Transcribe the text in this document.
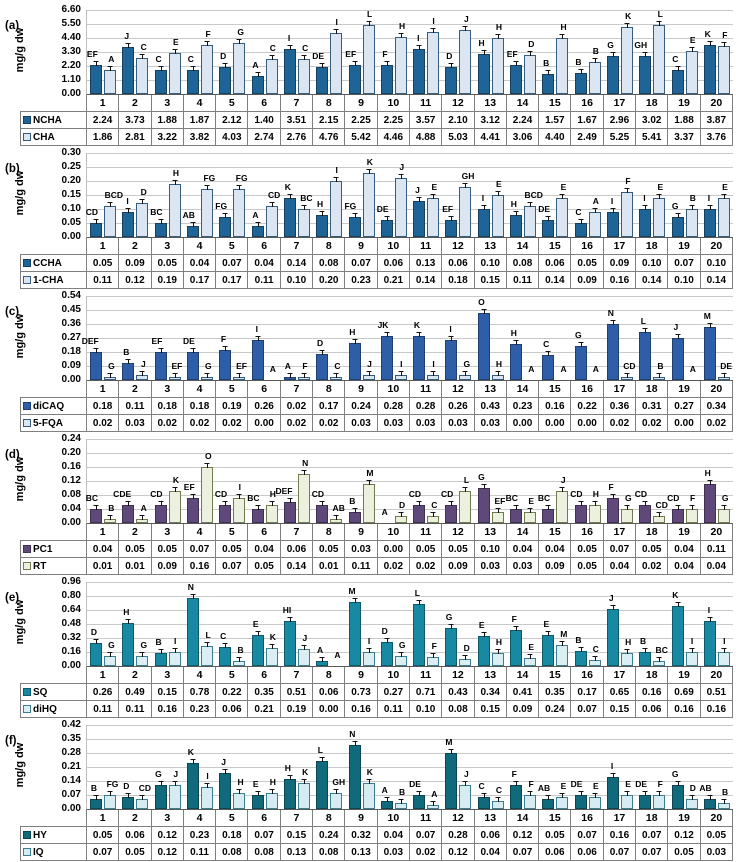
(a)
mg/g dw
6.60
5.50
4.40
3.30
2.20
1.10
0.00
EF A
J
C
C
E
C
F
D
G
A
C
I
C
DE
I
EF
L
F
H
I
I
D
J
H
H
EF
D
B
H
B
B
G
K
GH
L
C
E
K F
1	2	3	4	5	6	7	8	9	10	11	12	13	14	15	16	17	18	19	20
NCHA	2.24	3.73	1.88	1.87	2.12	1.40	3.51	2.15	2.25	2.25	3.57	2.10	3.12	2.24	1.57	1.67	2.96	3.02	1.88	3.87
CHA	1.86	2.81	3.22	3.82	4.03	2.74	2.76	4.76	5.42	4.46	4.88	5.03	4.41	3.06	4.40	2.49	5.25	5.41	3.37	3.76
(b)
mg/g dw
0.30
0.25
0.20
0.15
0.10
0.05
0.00
CD
BCD
I
D
BC
H
AB
FG
FG
FG
A
CD
K
BC
H
I
FG
K
DE
J
J E
EF
GH
I
E
H
BCD
DE
E
C
A I
F
I
E
G
B I
E
1	2	3	4	5	6	7	8	9	10	11	12	13	14	15	16	17	18	19	20
CCHA	0.05	0.09	0.05	0.04	0.07	0.04	0.14	0.08	0.07	0.06	0.13	0.06	0.10	0.08	0.06	0.05	0.09	0.10	0.07	0.10
1-CHA	0.11	0.12	0.19	0.17	0.17	0.11	0.10	0.20	0.23	0.21	0.14	0.18	0.15	0.11	0.14	0.09	0.16	0.14	0.10	0.14
(c)
mg/g dw
0.54
0.45
0.36
0.27
0.18
0.09
0.00
DEF
G
B
J
EF
EF
DE
G
F
EF
I
A A F
D
C
H
J
JK
I
K
I
I
G
O
H
H
A
C
A
G
A
N
CD
L
B
J
A
M
DE
1	2	3	4	5	6	7	8	9	10	11	12	13	14	15	16	17	18	19	20
diCAQ	0.18	0.11	0.18	0.18	0.19	0.26	0.02	0.17	0.24	0.28	0.28	0.26	0.43	0.23	0.16	0.22	0.36	0.31	0.27	0.34
5-FQA	0.02	0.03	0.02	0.02	0.02	0.00	0.02	0.02	0.03	0.03	0.03	0.03	0.03	0.00	0.00	0.00	0.02	0.02	0.00	0.02
(d)
mg/g dw
0.24
0.20
0.16
0.12
0.08
0.04
0.00
BC
B
CDE
A
CD
K
EF
O
CD
I
BC H DEF
N
CD
AB
B
M
A
D
CD
C
CD
L G
EF BC E BC
J
CD H
F
G CD
CD
CD F
H
G
1	2	3	4	5	6	7	8	9	10	11	12	13	14	15	16	17	18	19	20
PC1	0.04	0.05	0.05	0.07	0.05	0.04	0.06	0.05	0.03	0.00	0.05	0.05	0.10	0.04	0.04	0.05	0.07	0.05	0.04	0.11
RT	0.01	0.01	0.09	0.16	0.07	0.05	0.14	0.01	0.11	0.02	0.02	0.09	0.03	0.03	0.09	0.05	0.04	0.02	0.04	0.04
(e)
mg/g dw
0.96
0.80
0.64
0.48
0.32
0.16
0.00
D
G
H
G B I
N
L C
B
E
K
HI
J
A A
M
I
D
G
L
F
G
D
E
H
F
E
E
M
B
C
J
H B
BC
K
I
I
I
1	2	3	4	5	6	7	8	9	10	11	12	13	14	15	16	17	18	19	20
SQ	0.26	0.49	0.15	0.78	0.22	0.35	0.51	0.06	0.73	0.27	0.71	0.43	0.34	0.41	0.35	0.17	0.65	0.16	0.69	0.51
diHQ	0.11	0.11	0.16	0.23	0.06	0.21	0.19	0.00	0.16	0.11	0.10	0.08	0.15	0.09	0.24	0.07	0.15	0.06	0.16	0.16
(f)
mg/g dw
0.42
0.35
0.28
0.21
0.14
0.07
0.00
B FG D CD
G J
K
I
J
H E H
H K
L
GH
N
K
A B
DE
A
M
J
C C
F
F AB E DE E
I
E DE F
G
D AB B
1	2	3	4	5	6	7	8	9	10	11	12	13	14	15	16	17	18	19	20
HY	0.05	0.06	0.12	0.23	0.18	0.07	0.15	0.24	0.32	0.04	0.07	0.28	0.06	0.12	0.05	0.07	0.16	0.07	0.12	0.05
IQ	0.07	0.05	0.12	0.11	0.08	0.08	0.13	0.08	0.13	0.03	0.02	0.12	0.04	0.07	0.06	0.06	0.07	0.07	0.05	0.03
